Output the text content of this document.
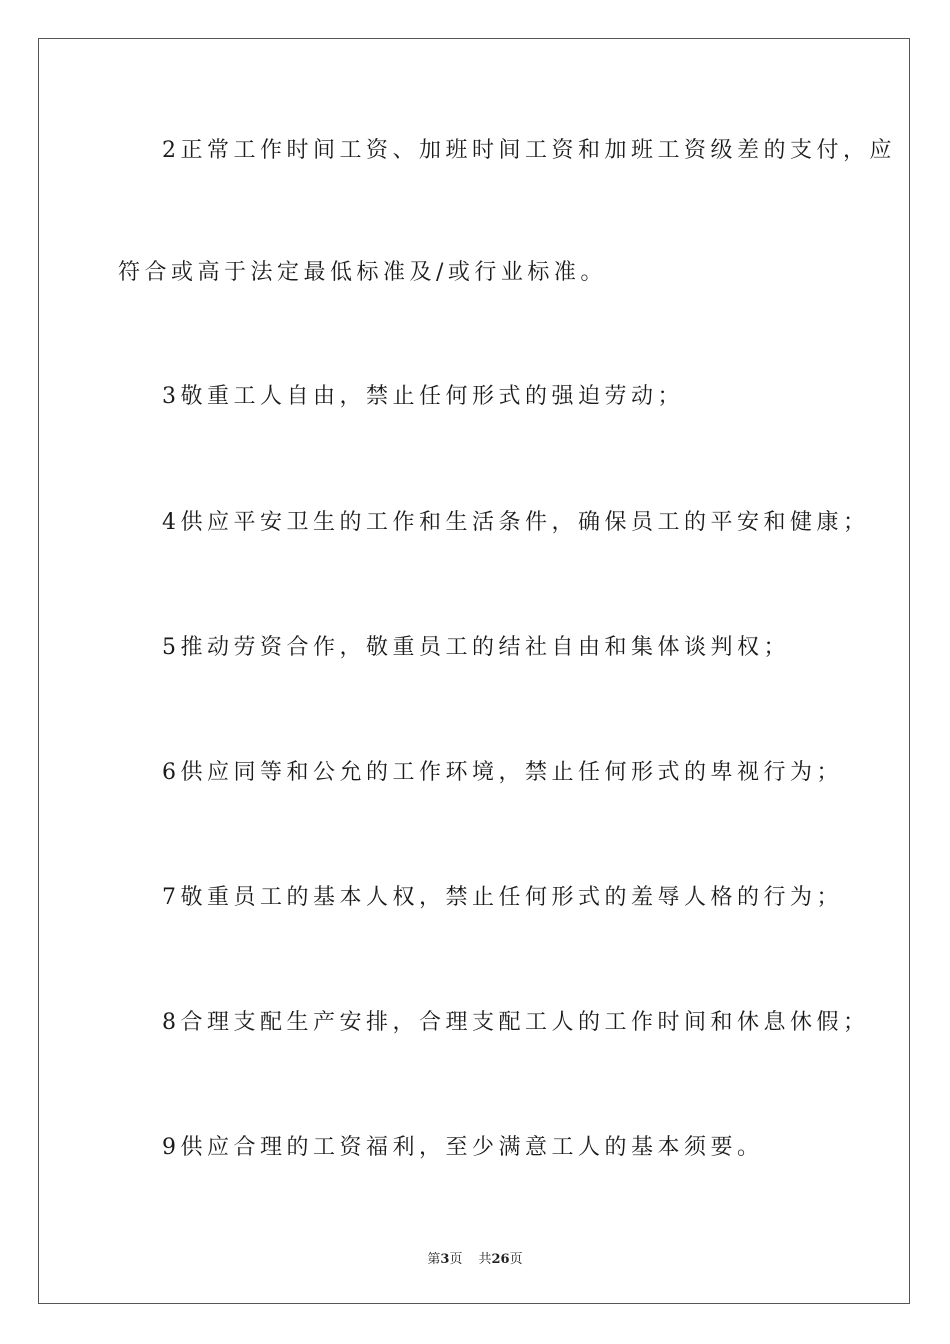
2正常工作时间工资、加班时间工资和加班工资级差的支付，应
符合或高于法定最低标准及/或行业标准。
3敬重工人自由，禁止任何形式的强迫劳动；
4供应平安卫生的工作和生活条件，确保员工的平安和健康；
5推动劳资合作，敬重员工的结社自由和集体谈判权；
6供应同等和公允的工作环境，禁止任何形式的卑视行为；
7敬重员工的基本人权，禁止任何形式的羞辱人格的行为；
8合理支配生产安排，合理支配工人的工作时间和休息休假；
9供应合理的工资福利，至少满意工人的基本须要。
第3页 共26页
